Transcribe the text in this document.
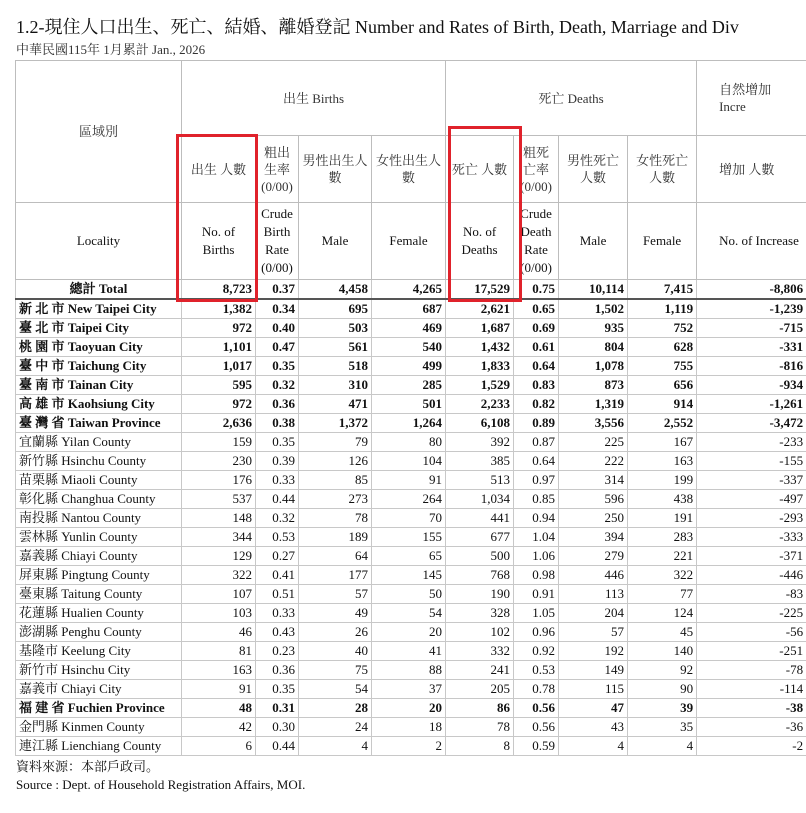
1.2-現住人口出生、死亡、結婚、離婚登記 Number and Rates of Birth, Death, Marriage and Div
中華民國115年 1月累計 Jan., 2026
區域別	出生 Births				死亡 Deaths				自然增加
Incre
	出生 人數	粗出生率 (0/00)	男性出生人數	女性出生人數	死亡 人數	粗死亡率 (0/00)	男性死亡人數	女性死亡人數	增加 人數
Locality	No. of Births	Crude Birth Rate (0/00)	Male	Female	No. of Deaths	Crude Death Rate (0/00)	Male	Female	No. of Increase
總計 Total	8,723	0.37	4,458	4,265	17,529	0.75	10,114	7,415	-8,806
新 北 市 New Taipei City	1,382	0.34	695	687	2,621	0.65	1,502	1,119	-1,239
臺 北 市 Taipei City	972	0.40	503	469	1,687	0.69	935	752	-715
桃 園 市 Taoyuan City	1,101	0.47	561	540	1,432	0.61	804	628	-331
臺 中 市 Taichung City	1,017	0.35	518	499	1,833	0.64	1,078	755	-816
臺 南 市 Tainan City	595	0.32	310	285	1,529	0.83	873	656	-934
高 雄 市 Kaohsiung City	972	0.36	471	501	2,233	0.82	1,319	914	-1,261
臺 灣 省 Taiwan Province	2,636	0.38	1,372	1,264	6,108	0.89	3,556	2,552	-3,472
宜蘭縣 Yilan County	159	0.35	79	80	392	0.87	225	167	-233
新竹縣 Hsinchu County	230	0.39	126	104	385	0.64	222	163	-155
苗栗縣 Miaoli County	176	0.33	85	91	513	0.97	314	199	-337
彰化縣 Changhua County	537	0.44	273	264	1,034	0.85	596	438	-497
南投縣 Nantou County	148	0.32	78	70	441	0.94	250	191	-293
雲林縣 Yunlin County	344	0.53	189	155	677	1.04	394	283	-333
嘉義縣 Chiayi County	129	0.27	64	65	500	1.06	279	221	-371
屏東縣 Pingtung County	322	0.41	177	145	768	0.98	446	322	-446
臺東縣 Taitung County	107	0.51	57	50	190	0.91	113	77	-83
花蓮縣 Hualien County	103	0.33	49	54	328	1.05	204	124	-225
澎湖縣 Penghu County	46	0.43	26	20	102	0.96	57	45	-56
基隆市 Keelung City	81	0.23	40	41	332	0.92	192	140	-251
新竹市 Hsinchu City	163	0.36	75	88	241	0.53	149	92	-78
嘉義市 Chiayi City	91	0.35	54	37	205	0.78	115	90	-114
福 建 省 Fuchien Province	48	0.31	28	20	86	0.56	47	39	-38
金門縣 Kinmen County	42	0.30	24	18	78	0.56	43	35	-36
連江縣 Lienchiang County	6	0.44	4	2	8	0.59	4	4	-2
資料來源：本部戶政司。
Source : Dept. of Household Registration Affairs, MOI.
